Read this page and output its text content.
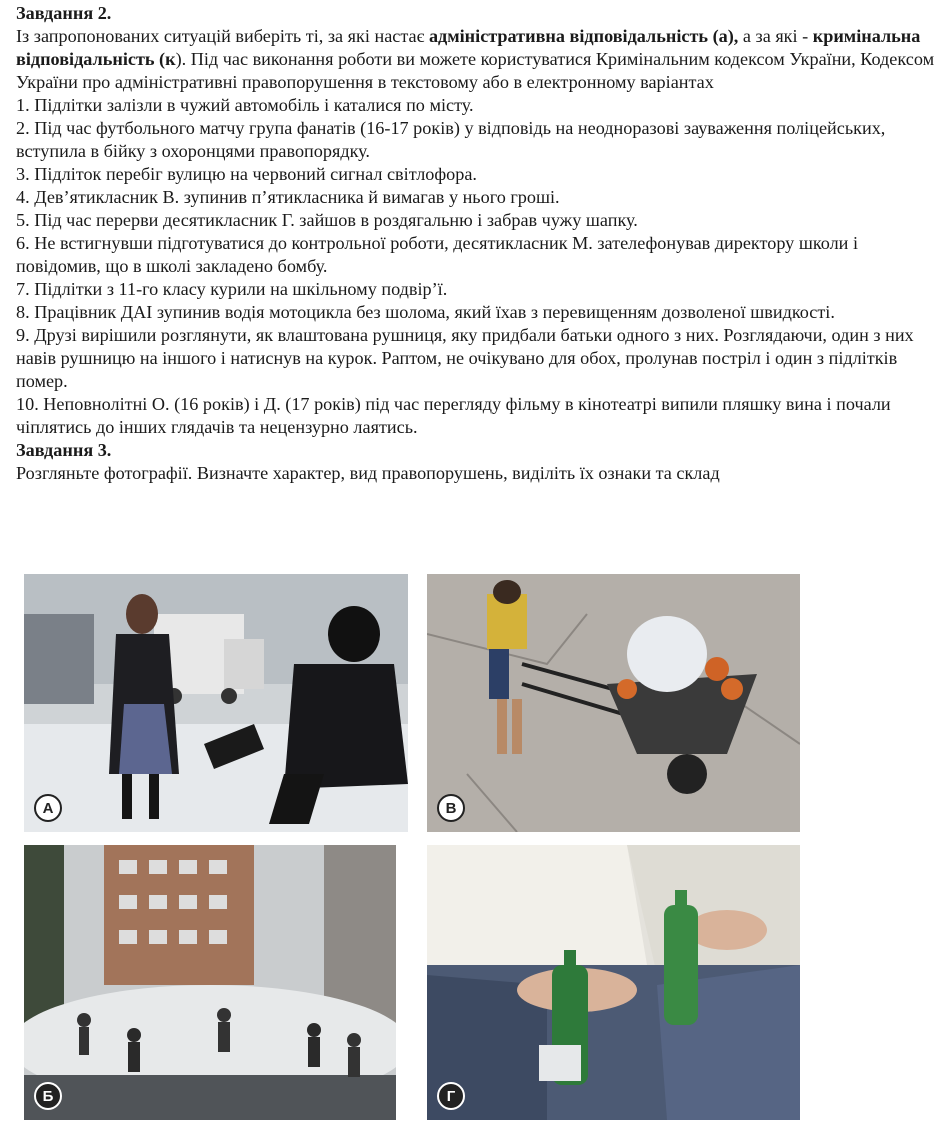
Завдання 2.

Із запропонованих ситуацій виберіть ті, за які настає адміністративна відповідальність (а), а за які - кримінальна відповідальність (к). Під час виконання роботи ви можете користуватися Кримінальним кодексом України, Кодексом України про адміністративні правопорушення в текстовому або в електронному варіантах

1. Підлітки залізли в чужий автомобіль і каталися по місту.

2. Під час футбольного матчу група фанатів (16-17 років) у відповідь на неодноразові зауваження поліцейських, вступила в бійку з охоронцями правопорядку.

3. Підліток перебіг вулицю на червоний сигнал світлофора.

4. Дев’ятикласник В. зупинив п’ятикласника й вимагав у нього гроші.

5. Під час перерви десятикласник Г. зайшов в роздягальню і забрав чужу шапку.

6. Не встигнувши підготуватися до контрольної роботи, десятикласник М. зателефонував директору школи і повідомив, що в школі закладено бомбу.

7. Підлітки з 11-го класу курили на шкільному подвір’ї.

8. Працівник ДАІ зупинив водія мотоцикла без шолома, який їхав з перевищенням дозволеної швидкості.

9. Друзі вирішили розглянути, як влаштована рушниця, яку придбали батьки одного з них. Розглядаючи, один з них навів рушницю на іншого і натиснув на курок. Раптом, не очікувано для обох, пролунав постріл і один з підлітків помер.

10. Неповнолітні О. (16 років) і Д. (17 років) під час перегляду фільму в кінотеатрі випили пляшку вина і почали чіплятись до інших глядачів та нецензурно лаятись.

Завдання 3.

Розгляньте фотографії. Визначте характер, вид правопорушень, виділіть їх ознаки та склад

А	В
Б	Г
